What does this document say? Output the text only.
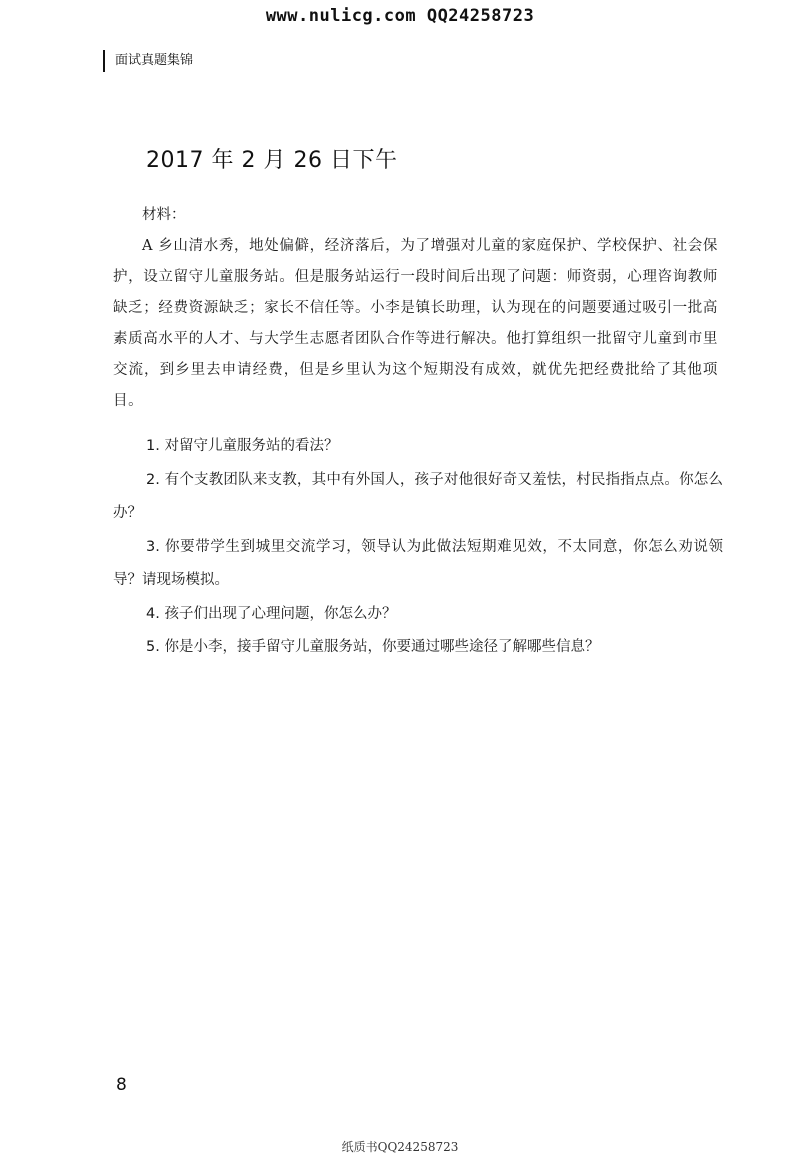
www.nulicg.com QQ24258723
面试真题集锦
2017 年 2 月 26 日下午

材料：

A 乡山清水秀，地处偏僻，经济落后，为了增强对儿童的家庭保护、学校保护、社会保护，设立留守儿童服务站。但是服务站运行一段时间后出现了问题：师资弱，心理咨询教师缺乏；经费资源缺乏；家长不信任等。小李是镇长助理，认为现在的问题要通过吸引一批高素质高水平的人才、与大学生志愿者团队合作等进行解决。他打算组织一批留守儿童到市里交流，到乡里去申请经费，但是乡里认为这个短期没有成效，就优先把经费批给了其他项目。

1. 对留守儿童服务站的看法？

2. 有个支教团队来支教，其中有外国人，孩子对他很好奇又羞怯，村民指指点点。你怎么办？

3. 你要带学生到城里交流学习，领导认为此做法短期难见效，不太同意，你怎么劝说领导？请现场模拟。

4. 孩子们出现了心理问题，你怎么办？

5. 你是小李，接手留守儿童服务站，你要通过哪些途径了解哪些信息？

8
纸质书QQ24258723
